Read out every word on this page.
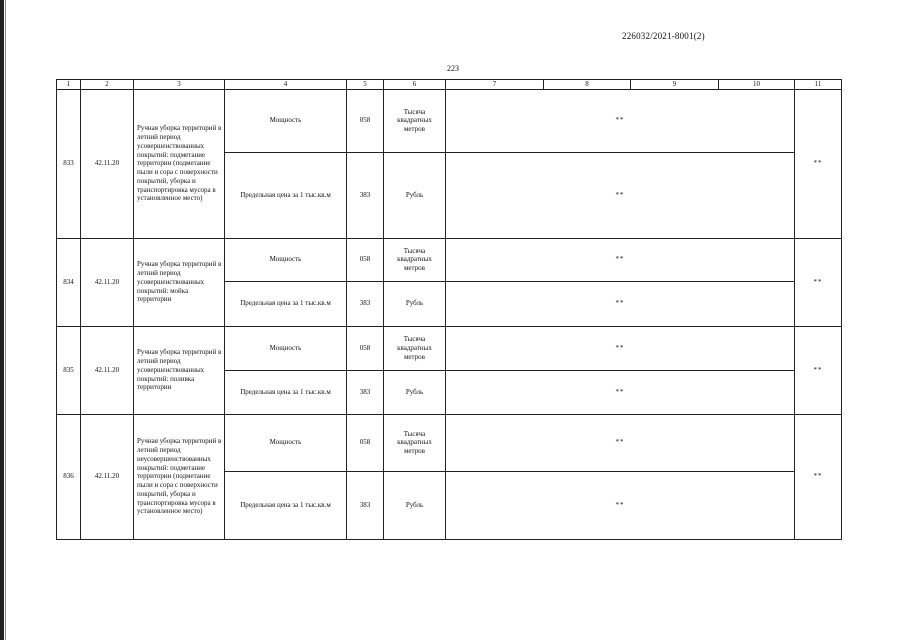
226032/2021-8001(2)
223
1	2	3	4	5	6	7	8	9	10	11
833	42.11.20	Ручная уборка территорий в летний период усовершенствованных покрытий: подметание территории (подметание пыли и сора с поверхности покрытий, уборка и транспортировка мусора в установленное место)	Мощность	058	Тысяча квадратных метров	**				**
			Предельная цена за 1 тыс.кв.м	383	Рубль	**				
834	42.11.20	Ручная уборка территорий в летний период усовершенствованных покрытий: мойка территории	Мощность	058	Тысяча квадратных метров	**				**
			Предельная цена за 1 тыс.кв.м	383	Рубль	**				
835	42.11.20	Ручная уборка территорий в летний период усовершенствованных покрытий: поливка территории	Мощность	058	Тысяча квадратных метров	**				**
			Предельная цена за 1 тыс.кв.м	383	Рубль	**				
836	42.11.20	Ручная уборка территорий в летний период неусовершенствованных покрытий: подметание территории (подметание пыли и сора с поверхности покрытий, уборка и транспортировка мусора в установленное место)	Мощность	058	Тысяча квадратных метров	**				**
			Предельная цена за 1 тыс.кв.м	383	Рубль	**				
